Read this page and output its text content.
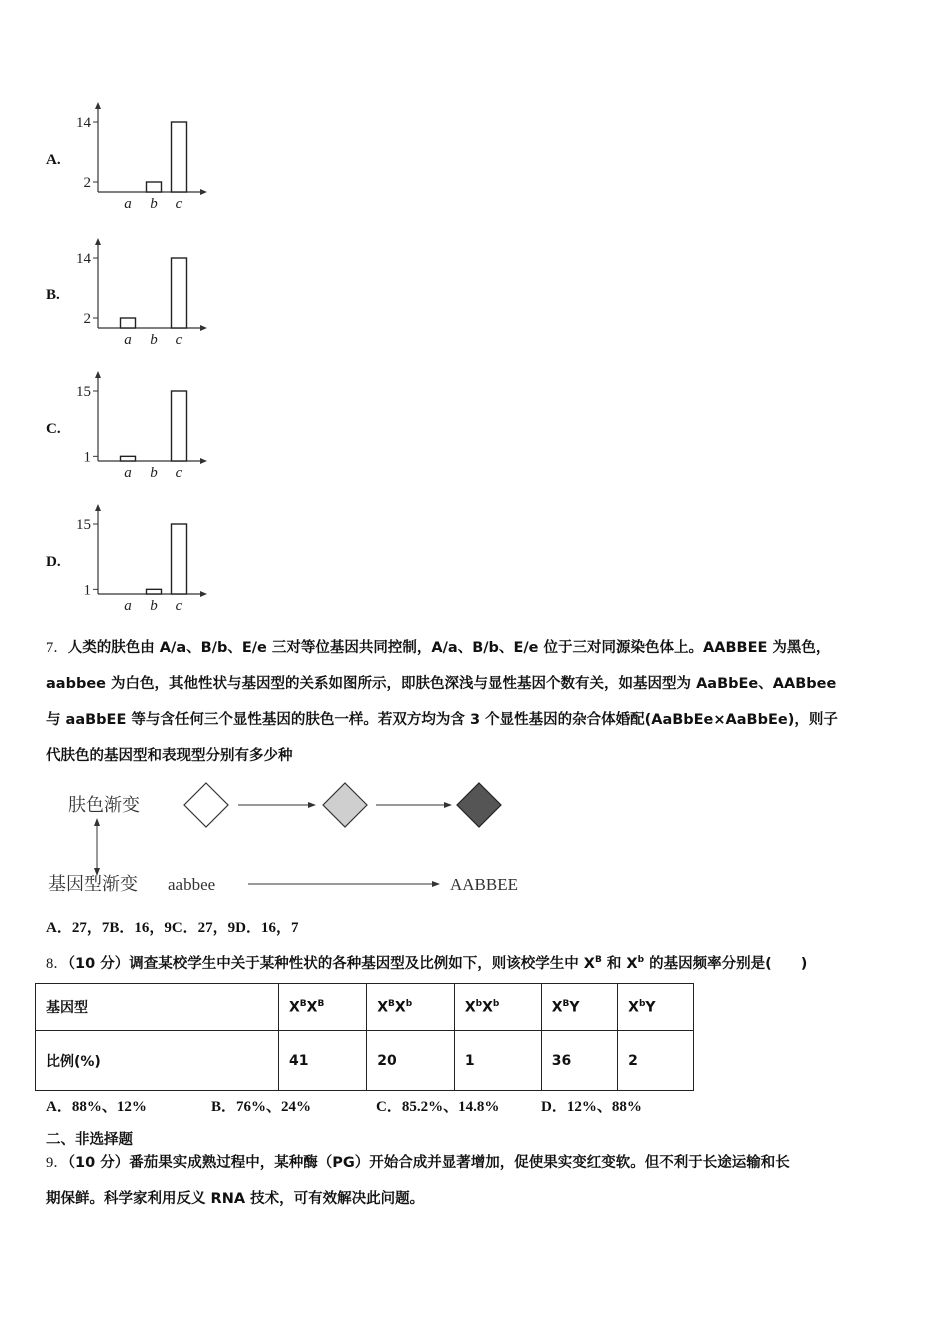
A.
B.
C.
D.
a b c
2
14
a b c
2
14
a b c
1
15
a b c
1
15
7．人类的肤色由 A/a、B/b、E/e 三对等位基因共同控制，A/a、B/b、E/e 位于三对同源染色体上。AABBEE 为黑色，
aabbee 为白色，其他性状与基因型的关系如图所示，即肤色深浅与显性基因个数有关，如基因型为 AaBbEe、AABbee
与 aaBbEE 等与含任何三个显性基因的肤色一样。若双方均为含 3 个显性基因的杂合体婚配(AaBbEe×AaBbEe)，则子
代肤色的基因型和表现型分别有多少种
肤色渐变
基因型渐变 aabbee	AABBEE
A．27，7B．16，9C．27，9D．16，7
8．（10 分）调查某校学生中关于某种性状的各种基因型及比例如下，则该校学生中 $X^B$ 和 $X^b$ 的基因频率分别是(　　)
基因型	$X^BX^B$	$X^BX^b$	$X^bX^b$	$X^BY$	$X^bY$
比例(%)	41	20	1	36	2
A．88%、12%	B．76%、24%	C．85.2%、14.8%	D．12%、88%
二、非选择题
9．（10 分）番茄果实成熟过程中，某种酶（PG）开始合成并显著增加，促使果实变红变软。但不利于长途运输和长
期保鲜。科学家利用反义 RNA 技术，可有效解决此问题。
